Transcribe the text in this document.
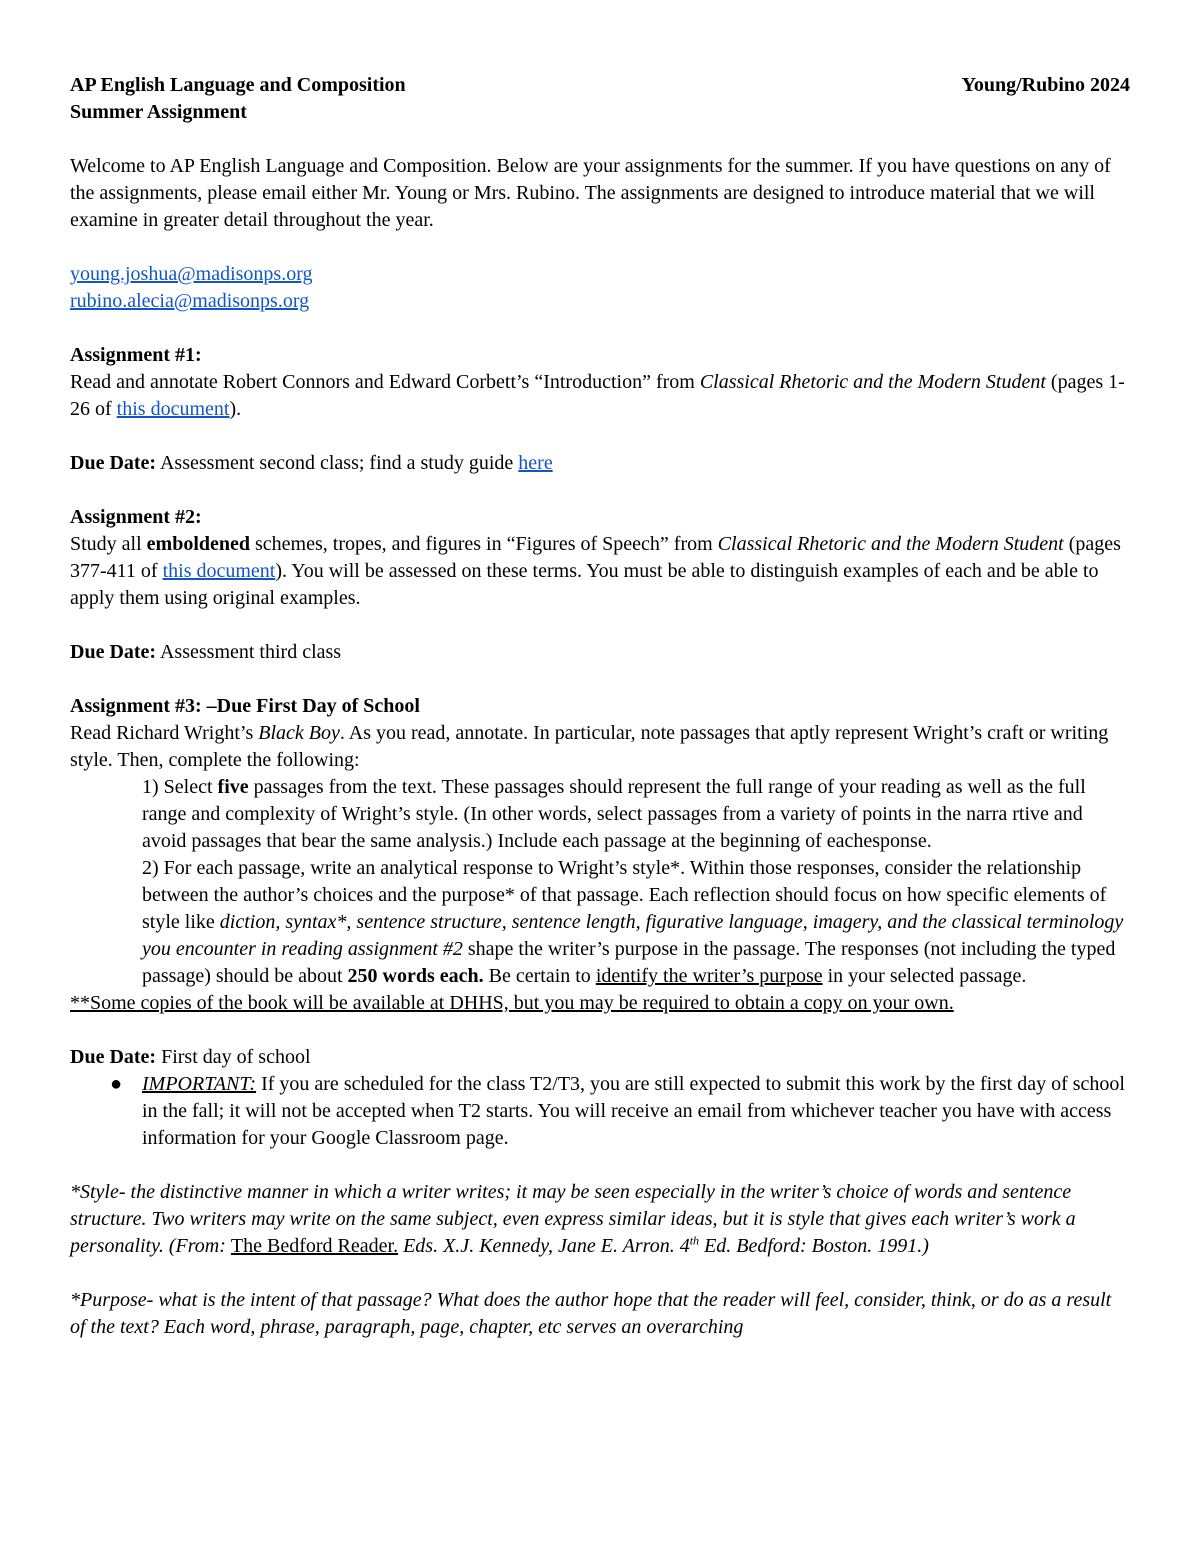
AP English Language and Composition	Young/Rubino 2024

Summer Assignment

Welcome to AP English Language and Composition. Below are your assignments for the summer. If you have questions on any of the assignments, please email either Mr. Young or Mrs. Rubino. The assignments are designed to introduce material that we will examine in greater detail throughout the year.

young.joshua@madisonps.org

rubino.alecia@madisonps.org

Assignment #1:

Read and annotate Robert Connors and Edward Corbett’s “Introduction” from Classical Rhetoric and the Modern Student (pages 1-26 of this document).

Due Date: Assessment second class; find a study guide here

Assignment #2:

Study all emboldened schemes, tropes, and figures in “Figures of Speech” from Classical Rhetoric and the Modern Student (pages 377-411 of this document). You will be assessed on these terms. You must be able to distinguish examples of each and be able to apply them using original examples.

Due Date: Assessment third class

Assignment #3: –Due First Day of School

Read Richard Wright’s Black Boy. As you read, annotate. In particular, note passages that aptly represent Wright’s craft or writing style. Then, complete the following:

1) Select five passages from the text. These passages should represent the full range of your reading as well as the full range and complexity of Wright’s style. (In other words, select passages from a variety of points in the narra rtive and avoid passages that bear the same analysis.) Include each passage at the beginning of eachesponse.

2) For each passage, write an analytical response to Wright’s style*. Within those responses, consider the relationship between the author’s choices and the purpose* of that passage. Each reflection should focus on how specific elements of style like diction, syntax*, sentence structure, sentence length, figurative language, imagery, and the classical terminology you encounter in reading assignment #2 shape the writer’s purpose in the passage. The responses (not including the typed passage) should be about 250 words each. Be certain to identify the writer’s purpose in your selected passage.

**Some copies of the book will be available at DHHS, but you may be required to obtain a copy on your own.

Due Date: First day of school

● IMPORTANT: If you are scheduled for the class T2/T3, you are still expected to submit this work by the first day of school in the fall; it will not be accepted when T2 starts. You will receive an email from whichever teacher you have with access information for your Google Classroom page.

*Style- the distinctive manner in which a writer writes; it may be seen especially in the writer’s choice of words and sentence structure. Two writers may write on the same subject, even express similar ideas, but it is style that gives each writer’s work a personality. (From: The Bedford Reader. Eds. X.J. Kennedy, Jane E. Arron. 4th Ed. Bedford: Boston. 1991.)

*Purpose- what is the intent of that passage? What does the author hope that the reader will feel, consider, think, or do as a result of the text? Each word, phrase, paragraph, page, chapter, etc serves an overarching
